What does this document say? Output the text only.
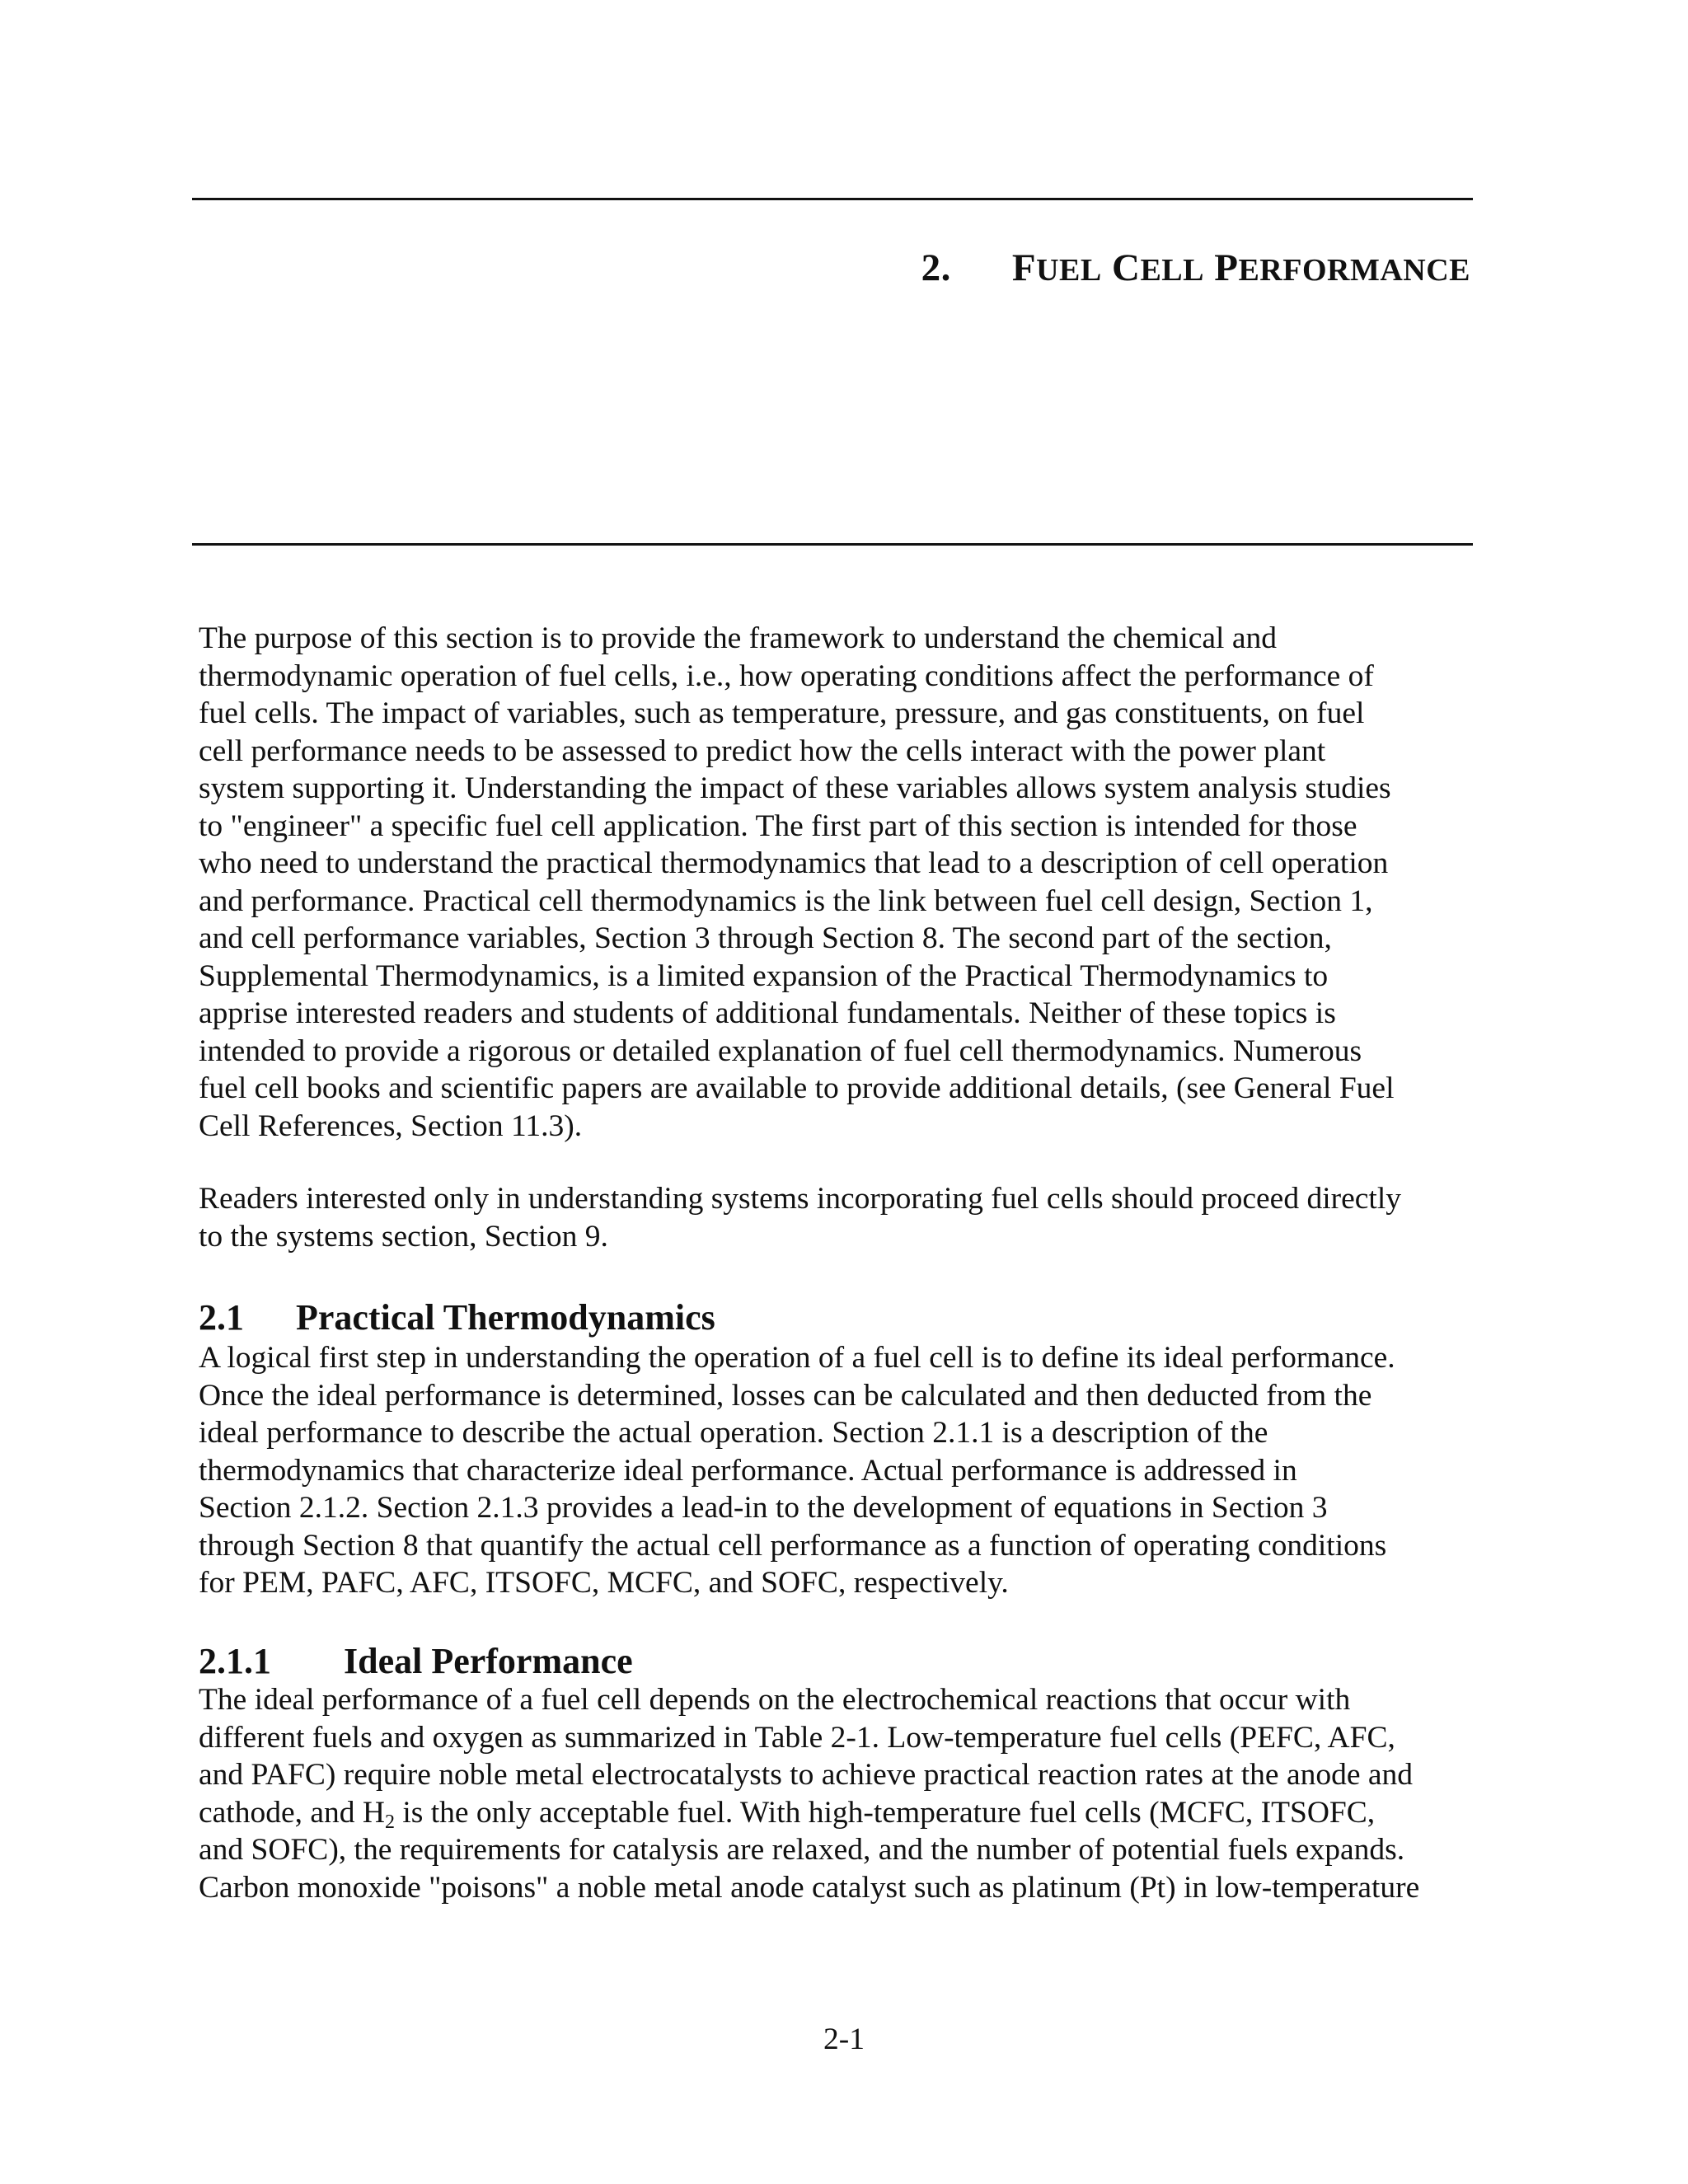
2. FUEL CELL PERFORMANCE
The purpose of this section is to provide the framework to understand the chemical and
thermodynamic operation of fuel cells, i.e., how operating conditions affect the performance of
fuel cells. The impact of variables, such as temperature, pressure, and gas constituents, on fuel
cell performance needs to be assessed to predict how the cells interact with the power plant
system supporting it. Understanding the impact of these variables allows system analysis studies
to "engineer" a specific fuel cell application. The first part of this section is intended for those
who need to understand the practical thermodynamics that lead to a description of cell operation
and performance. Practical cell thermodynamics is the link between fuel cell design, Section 1,
and cell performance variables, Section 3 through Section 8. The second part of the section,
Supplemental Thermodynamics, is a limited expansion of the Practical Thermodynamics to
apprise interested readers and students of additional fundamentals. Neither of these topics is
intended to provide a rigorous or detailed explanation of fuel cell thermodynamics. Numerous
fuel cell books and scientific papers are available to provide additional details, (see General Fuel
Cell References, Section 11.3).
Readers interested only in understanding systems incorporating fuel cells should proceed directly
to the systems section, Section 9.
2.1 Practical Thermodynamics
A logical first step in understanding the operation of a fuel cell is to define its ideal performance.
Once the ideal performance is determined, losses can be calculated and then deducted from the
ideal performance to describe the actual operation. Section 2.1.1 is a description of the
thermodynamics that characterize ideal performance. Actual performance is addressed in
Section 2.1.2. Section 2.1.3 provides a lead-in to the development of equations in Section 3
through Section 8 that quantify the actual cell performance as a function of operating conditions
for PEM, PAFC, AFC, ITSOFC, MCFC, and SOFC, respectively.
2.1.1 Ideal Performance
The ideal performance of a fuel cell depends on the electrochemical reactions that occur with
different fuels and oxygen as summarized in Table 2-1. Low-temperature fuel cells (PEFC, AFC,
and PAFC) require noble metal electrocatalysts to achieve practical reaction rates at the anode and
cathode, and $H_2$ is the only acceptable fuel. With high-temperature fuel cells (MCFC, ITSOFC,
and SOFC), the requirements for catalysis are relaxed, and the number of potential fuels expands.
Carbon monoxide "poisons" a noble metal anode catalyst such as platinum (Pt) in low-temperature
2-1
